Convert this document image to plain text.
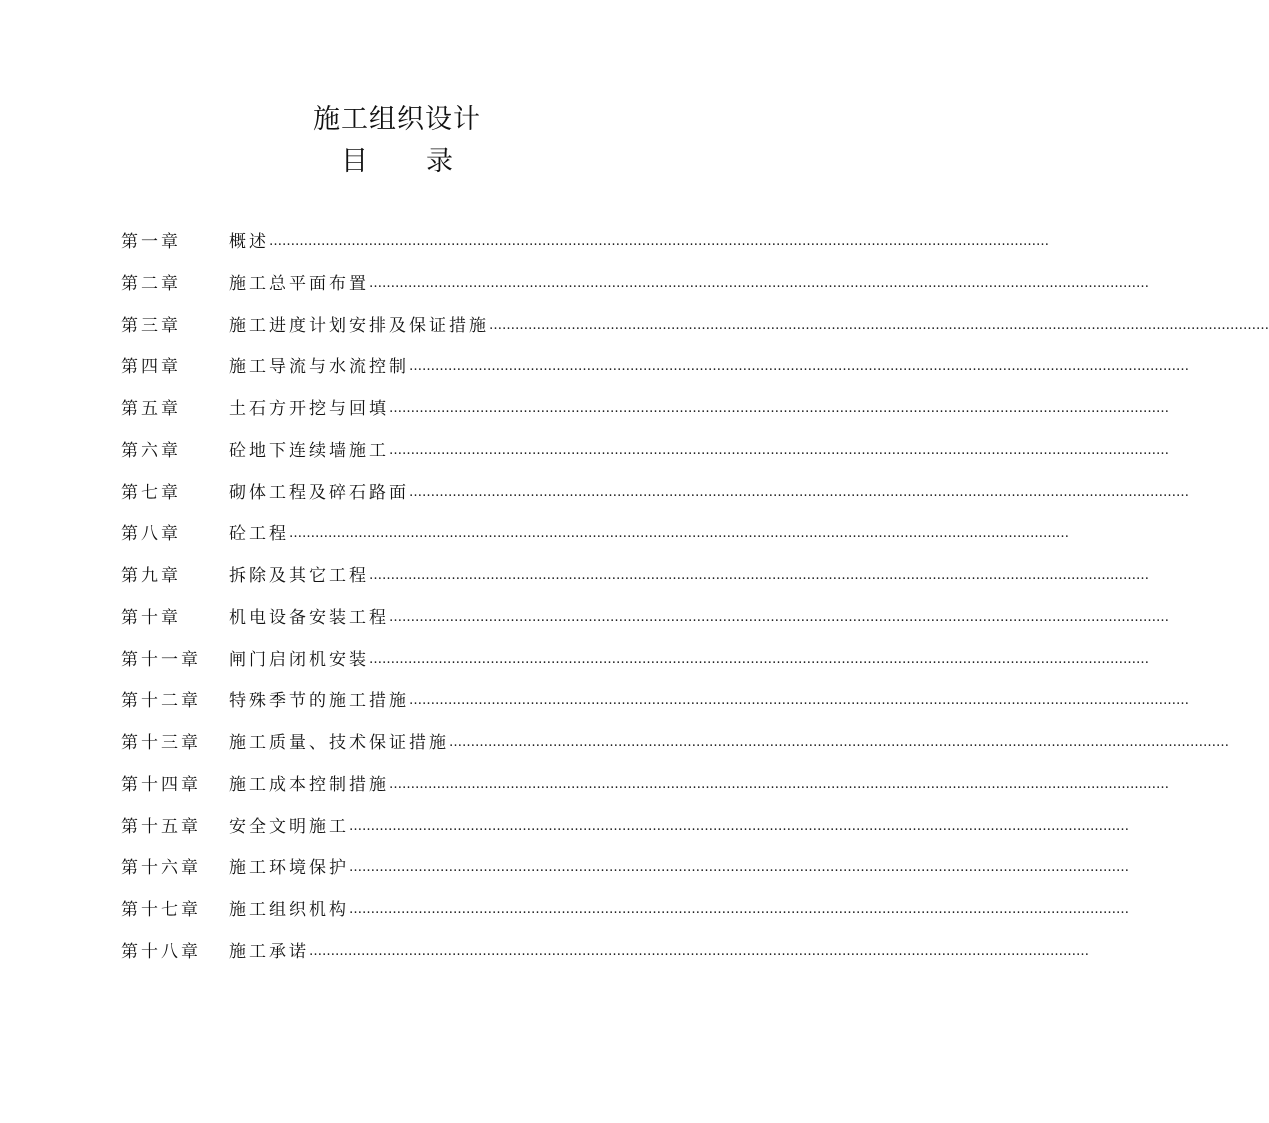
施工组织设计
目录
第一章	概述………………………………………………………………………………………………………………………………………………………………
第二章	施工总平面布置………………………………………………………………………………………………………………………………………………………………
第三章	施工进度计划安排及保证措施………………………………………………………………………………………………………………………………………………………………
第四章	施工导流与水流控制………………………………………………………………………………………………………………………………………………………………
第五章	土石方开挖与回填………………………………………………………………………………………………………………………………………………………………
第六章	砼地下连续墙施工………………………………………………………………………………………………………………………………………………………………
第七章	砌体工程及碎石路面………………………………………………………………………………………………………………………………………………………………
第八章	砼工程………………………………………………………………………………………………………………………………………………………………
第九章	拆除及其它工程………………………………………………………………………………………………………………………………………………………………
第十章	机电设备安装工程………………………………………………………………………………………………………………………………………………………………
第十一章	闸门启闭机安装………………………………………………………………………………………………………………………………………………………………
第十二章	特殊季节的施工措施………………………………………………………………………………………………………………………………………………………………
第十三章	施工质量、技术保证措施………………………………………………………………………………………………………………………………………………………………
第十四章	施工成本控制措施………………………………………………………………………………………………………………………………………………………………
第十五章	安全文明施工………………………………………………………………………………………………………………………………………………………………
第十六章	施工环境保护………………………………………………………………………………………………………………………………………………………………
第十七章	施工组织机构………………………………………………………………………………………………………………………………………………………………
第十八章	施工承诺………………………………………………………………………………………………………………………………………………………………
